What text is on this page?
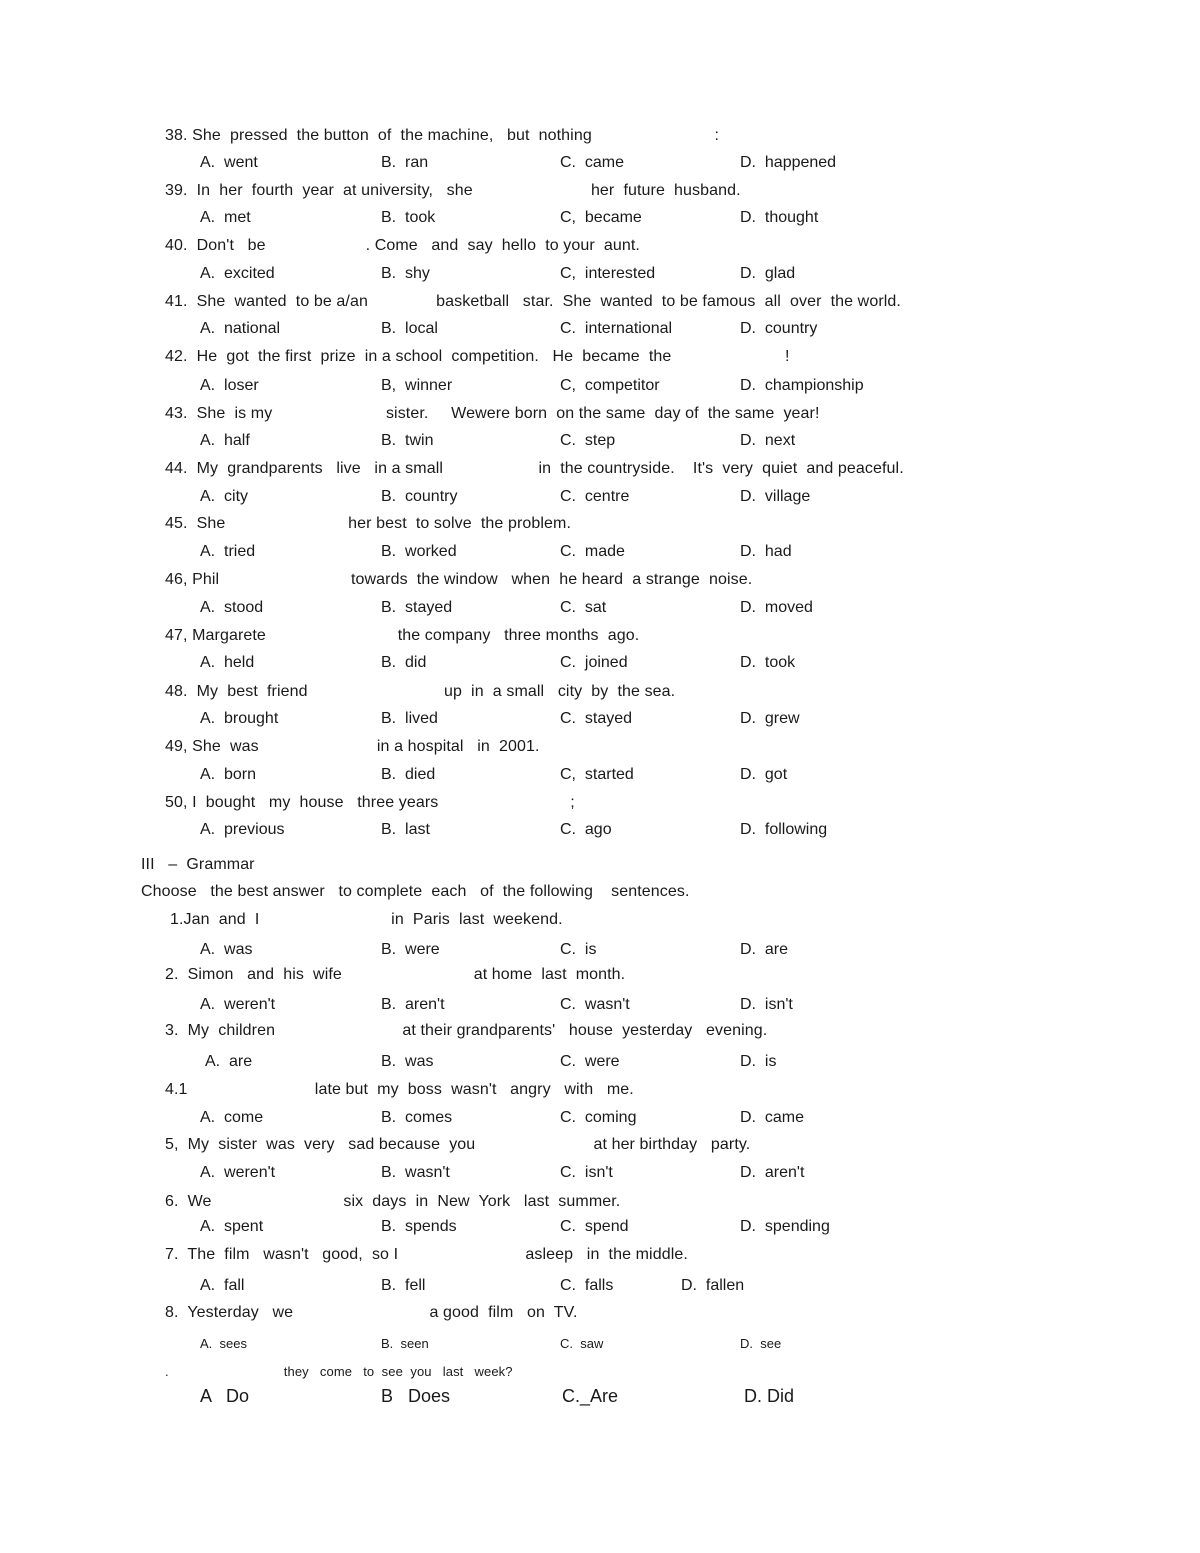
38. She  pressed  the button  of  the machine,   but  nothing                           :
A.  went	B.  ran	C.  came	D.  happened
39.  In  her  fourth  year  at university,   she                          her  future  husband.
A.  met	B.  took	C,  became	D.  thought
40.  Don't   be                      . Come   and  say  hello  to your  aunt.
A.  excited	B.  shy	C,  interested	D.  glad
41.  She  wanted  to be a/an               basketball   star.  She  wanted  to be famous  all  over  the world.
A.  national	B.  local	C.  international	D.  country
42.  He  got  the first  prize  in a school  competition.   He  became  the                         !
A.  loser	B,  winner	C,  competitor	D.  championship
43.  She  is my                         sister.     Wewere born  on the same  day of  the same  year!
A.  half	B.  twin	C.  step	D.  next
44.  My  grandparents   live   in a small                     in  the countryside.    It's  very  quiet  and peaceful.
A.  city	B.  country	C.  centre	D.  village
45.  She                           her best  to solve  the problem.
A.  tried	B.  worked	C.  made	D.  had
46, Phil                             towards  the window   when  he heard  a strange  noise.
A.  stood	B.  stayed	C.  sat	D.  moved
47, Margarete                             the company   three months  ago.
A.  held	B.  did	C.  joined	D.  took
48.  My  best  friend                              up  in  a small   city  by  the sea.
A.  brought	B.  lived	C.  stayed	D.  grew
49, She  was                          in a hospital   in  2001.
A.  born	B.  died	C,  started	D.  got
50, I  bought   my  house   three years                             ;
A.  previous	B.  last	C.  ago	D.  following
III   –  Grammar
Choose   the best answer   to complete  each   of  the following    sentences.
1.Jan  and  I                             in  Paris  last  weekend.
A.  was	B.  were	C.  is	D.  are
2.  Simon   and  his  wife                             at home  last  month.
A.  weren't	B.  aren't	C.  wasn't	D.  isn't
3.  My  children                            at their grandparents'   house  yesterday   evening.
A.  are	B.  was	C.  were	D.  is
4.1                            late but  my  boss  wasn't   angry   with   me.
A.  come	B.  comes	C.  coming	D.  came
5,  My  sister  was  very   sad because  you                          at her birthday   party.
A.  weren't	B.  wasn't	C.  isn't	D.  aren't
6.  We                             six  days  in  New  York   last  summer.
A.  spent	B.  spends	C.  spend	D.  spending
7.  The  film   wasn't   good,  so I                            asleep   in  the middle.
A.  fall	B.  fell	C.  falls	D.  fallen
8.  Yesterday   we                              a good  film   on  TV.
A.  sees	B.  seen	C.  saw	D.  see
.                               they   come   to  see  you   last   week?
A   Do	B   Does	C._Are	D. Did
